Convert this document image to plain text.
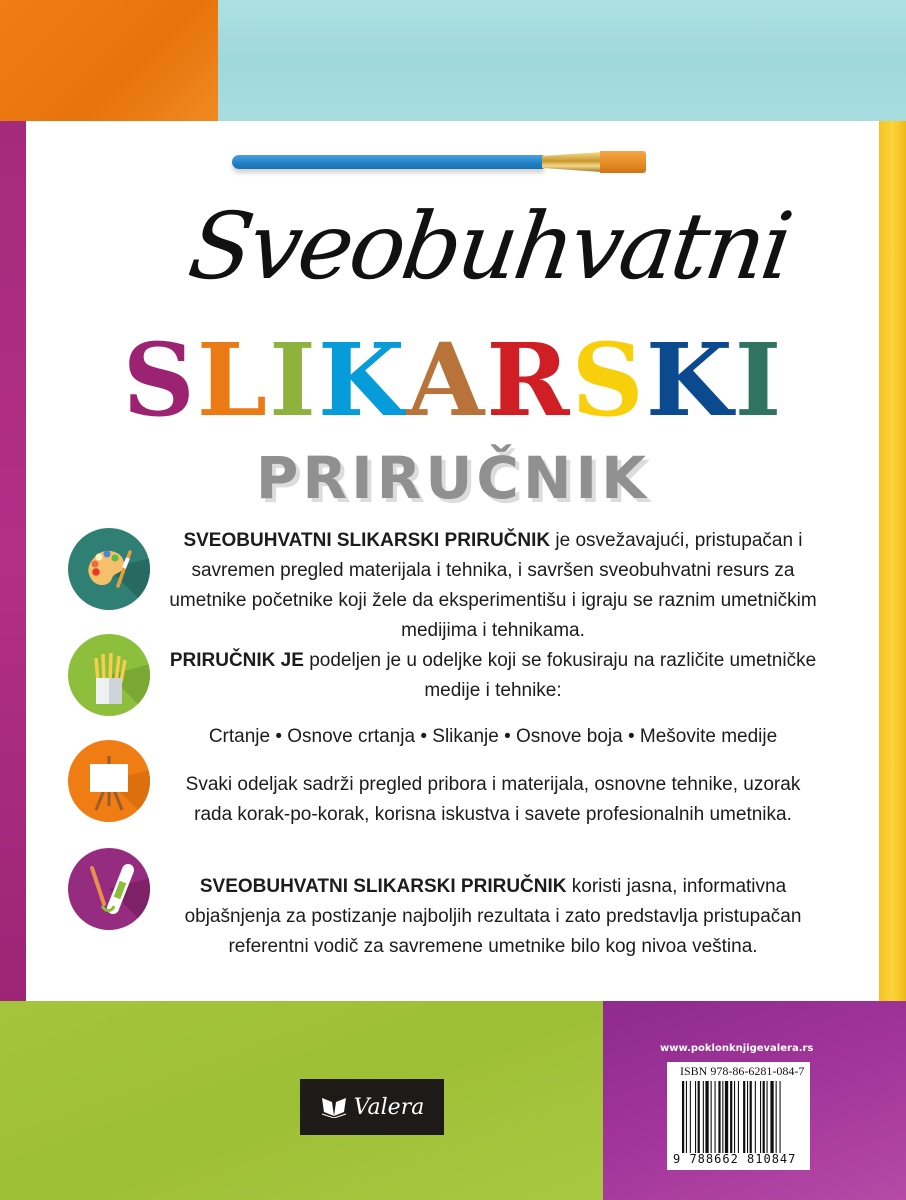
Sveobuhvatni
SLIKARSKI
PRIRUČNIK
SVEOBUHVATNI SLIKARSKI PRIRUČNIK je osvežavajući, pristupačan i savremen pregled materijala i tehnika, i savršen sveobuhvatni resurs za umetnike početnike koji žele da eksperimentišu i igraju se raznim umetničkim medijima i tehnikama.
PRIRUČNIK JE podeljen je u odeljke koji se fokusiraju na različite umetničke medije i tehnike:
Crtanje • Osnove crtanja • Slikanje • Osnove boja • Mešovite medije
Svaki odeljak sadrži pregled pribora i materijala, osnovne tehnike, uzorak rada korak-po-korak, korisna iskustva i savete profesionalnih umetnika.
SVEOBUHVATNI SLIKARSKI PRIRUČNIK koristi jasna, informativna objašnjenja za postizanje najboljih rezultata i zato predstavlja pristupačan referentni vodič za savremene umetnike bilo kog nivoa veština.
Valera
www.poklonknjigevalera.rs
ISBN 978-86-6281-084-7
9 788662 810847
